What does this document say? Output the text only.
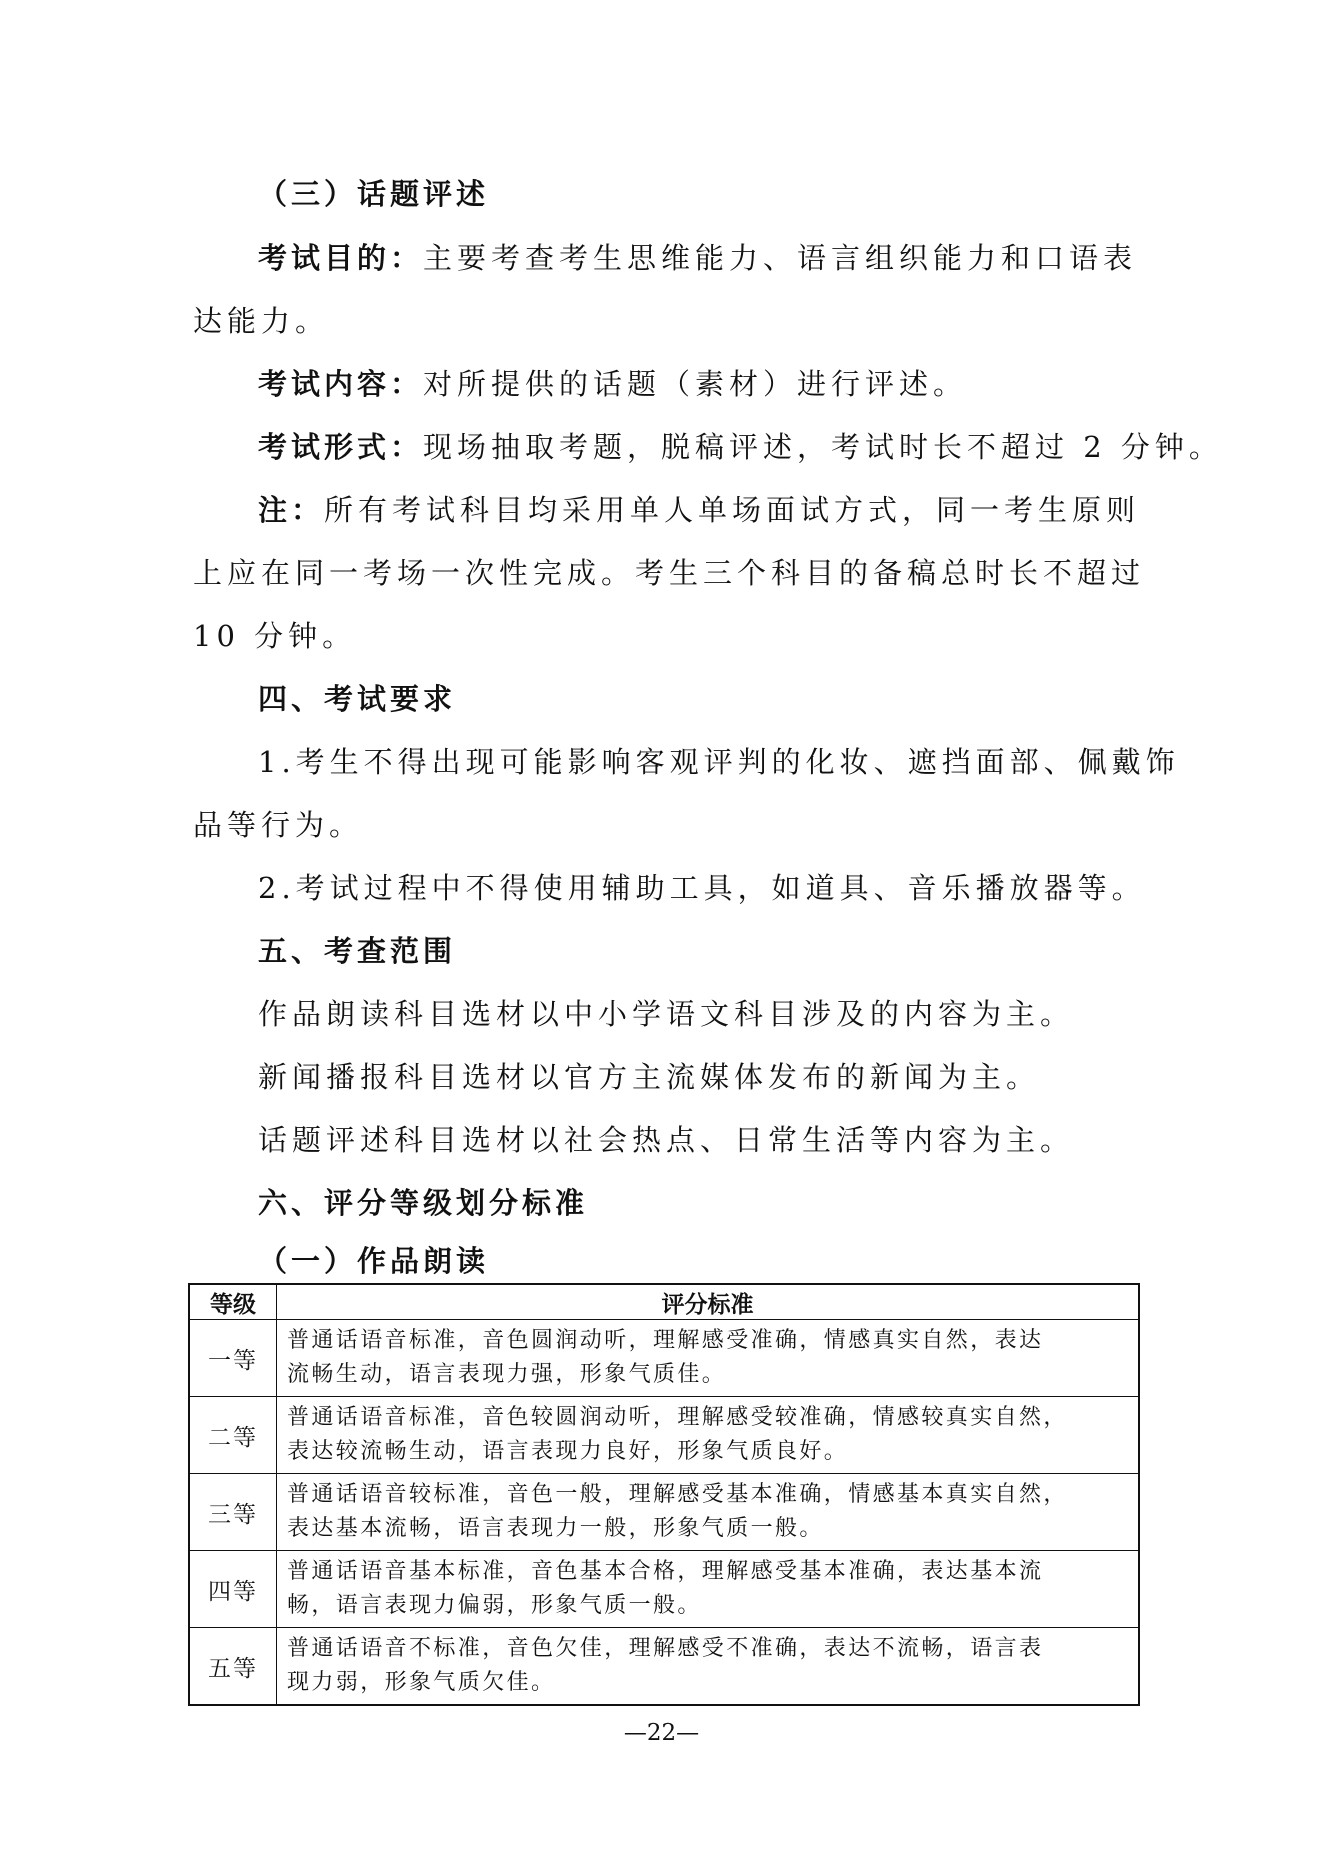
（三）话题评述
考试目的：主要考查考生思维能力、语言组织能力和口语表
达能力。
考试内容：对所提供的话题（素材）进行评述。
考试形式：现场抽取考题，脱稿评述，考试时长不超过 2 分钟。
注：所有考试科目均采用单人单场面试方式，同一考生原则
上应在同一考场一次性完成。考生三个科目的备稿总时长不超过
10 分钟。
四、考试要求
1.考生不得出现可能影响客观评判的化妆、遮挡面部、佩戴饰
品等行为。
2.考试过程中不得使用辅助工具，如道具、音乐播放器等。
五、考查范围
作品朗读科目选材以中小学语文科目涉及的内容为主。
新闻播报科目选材以官方主流媒体发布的新闻为主。
话题评述科目选材以社会热点、日常生活等内容为主。
六、评分等级划分标准
（一）作品朗读
等级	评分标准
一等	普通话语音标准，音色圆润动听，理解感受准确，情感真实自然，表达
流畅生动，语言表现力强，形象气质佳。
二等	普通话语音标准，音色较圆润动听，理解感受较准确，情感较真实自然，
表达较流畅生动，语言表现力良好，形象气质良好。
三等	普通话语音较标准，音色一般，理解感受基本准确，情感基本真实自然，
表达基本流畅，语言表现力一般，形象气质一般。
四等	普通话语音基本标准，音色基本合格，理解感受基本准确，表达基本流
畅，语言表现力偏弱，形象气质一般。
五等	普通话语音不标准，音色欠佳，理解感受不准确，表达不流畅，语言表
现力弱，形象气质欠佳。
—22—
